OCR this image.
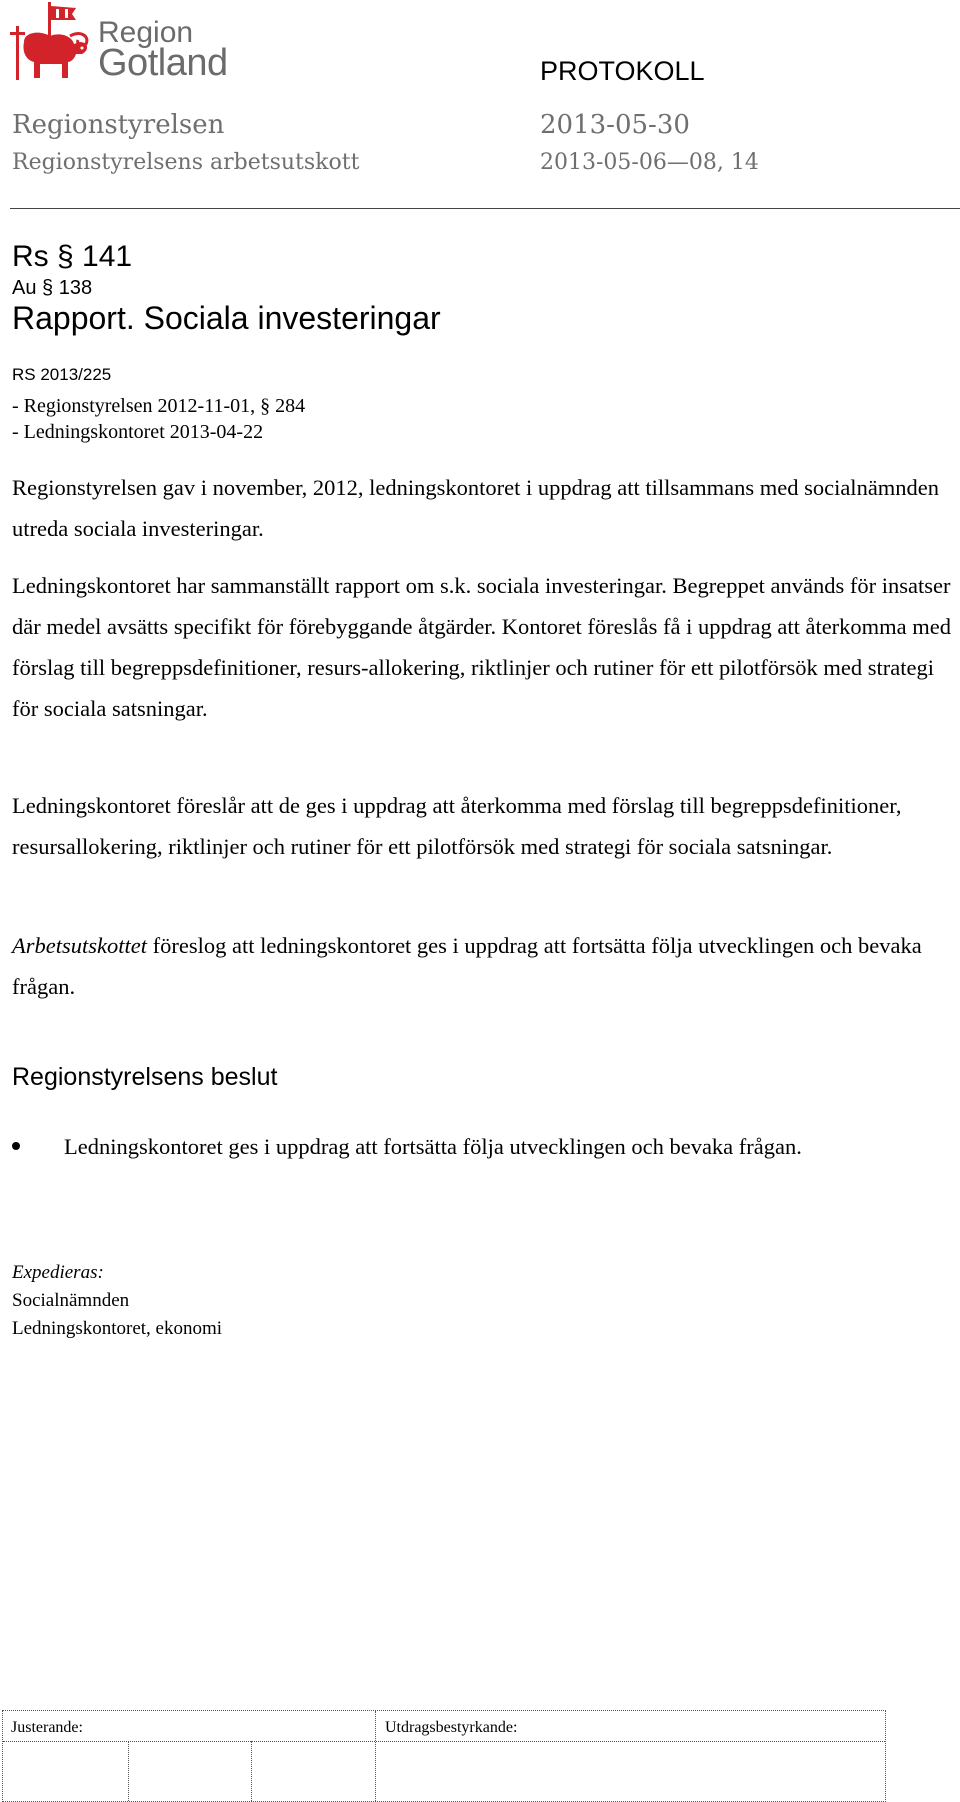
Region
Gotland	PROTOKOLL
Regionstyrelsen
Regionstyrelsens arbetsutskott
2013-05-30
2013-05-06—08, 14
Rs § 141
Au § 138
Rapport. Sociala investeringar
RS 2013/225
- Regionstyrelsen 2012-11-01, § 284
- Ledningskontoret 2013-04-22

Regionstyrelsen gav i november, 2012, ledningskontoret i uppdrag att tillsammans med socialnämnden utreda sociala investeringar.

Ledningskontoret har sammanställt rapport om s.k. sociala investeringar. Begreppet används för insatser där medel avsätts specifikt för förebyggande åtgärder. Kontoret föreslås få i uppdrag att återkomma med förslag till begreppsdefinitioner, resurs-allokering, riktlinjer och rutiner för ett pilotförsök med strategi för sociala satsningar.

Ledningskontoret föreslår att de ges i uppdrag att återkomma med förslag till begreppsdefinitioner, resursallokering, riktlinjer och rutiner för ett pilotförsök med strategi för sociala satsningar.

Arbetsutskottet föreslog att ledningskontoret ges i uppdrag att fortsätta följa utvecklingen och bevaka frågan.

Regionstyrelsens beslut

Ledningskontoret ges i uppdrag att fortsätta följa utvecklingen och bevaka frågan.

Expedieras:
Socialnämnden
Ledningskontoret, ekonomi
Justerande:	Utdragsbestyrkande:
